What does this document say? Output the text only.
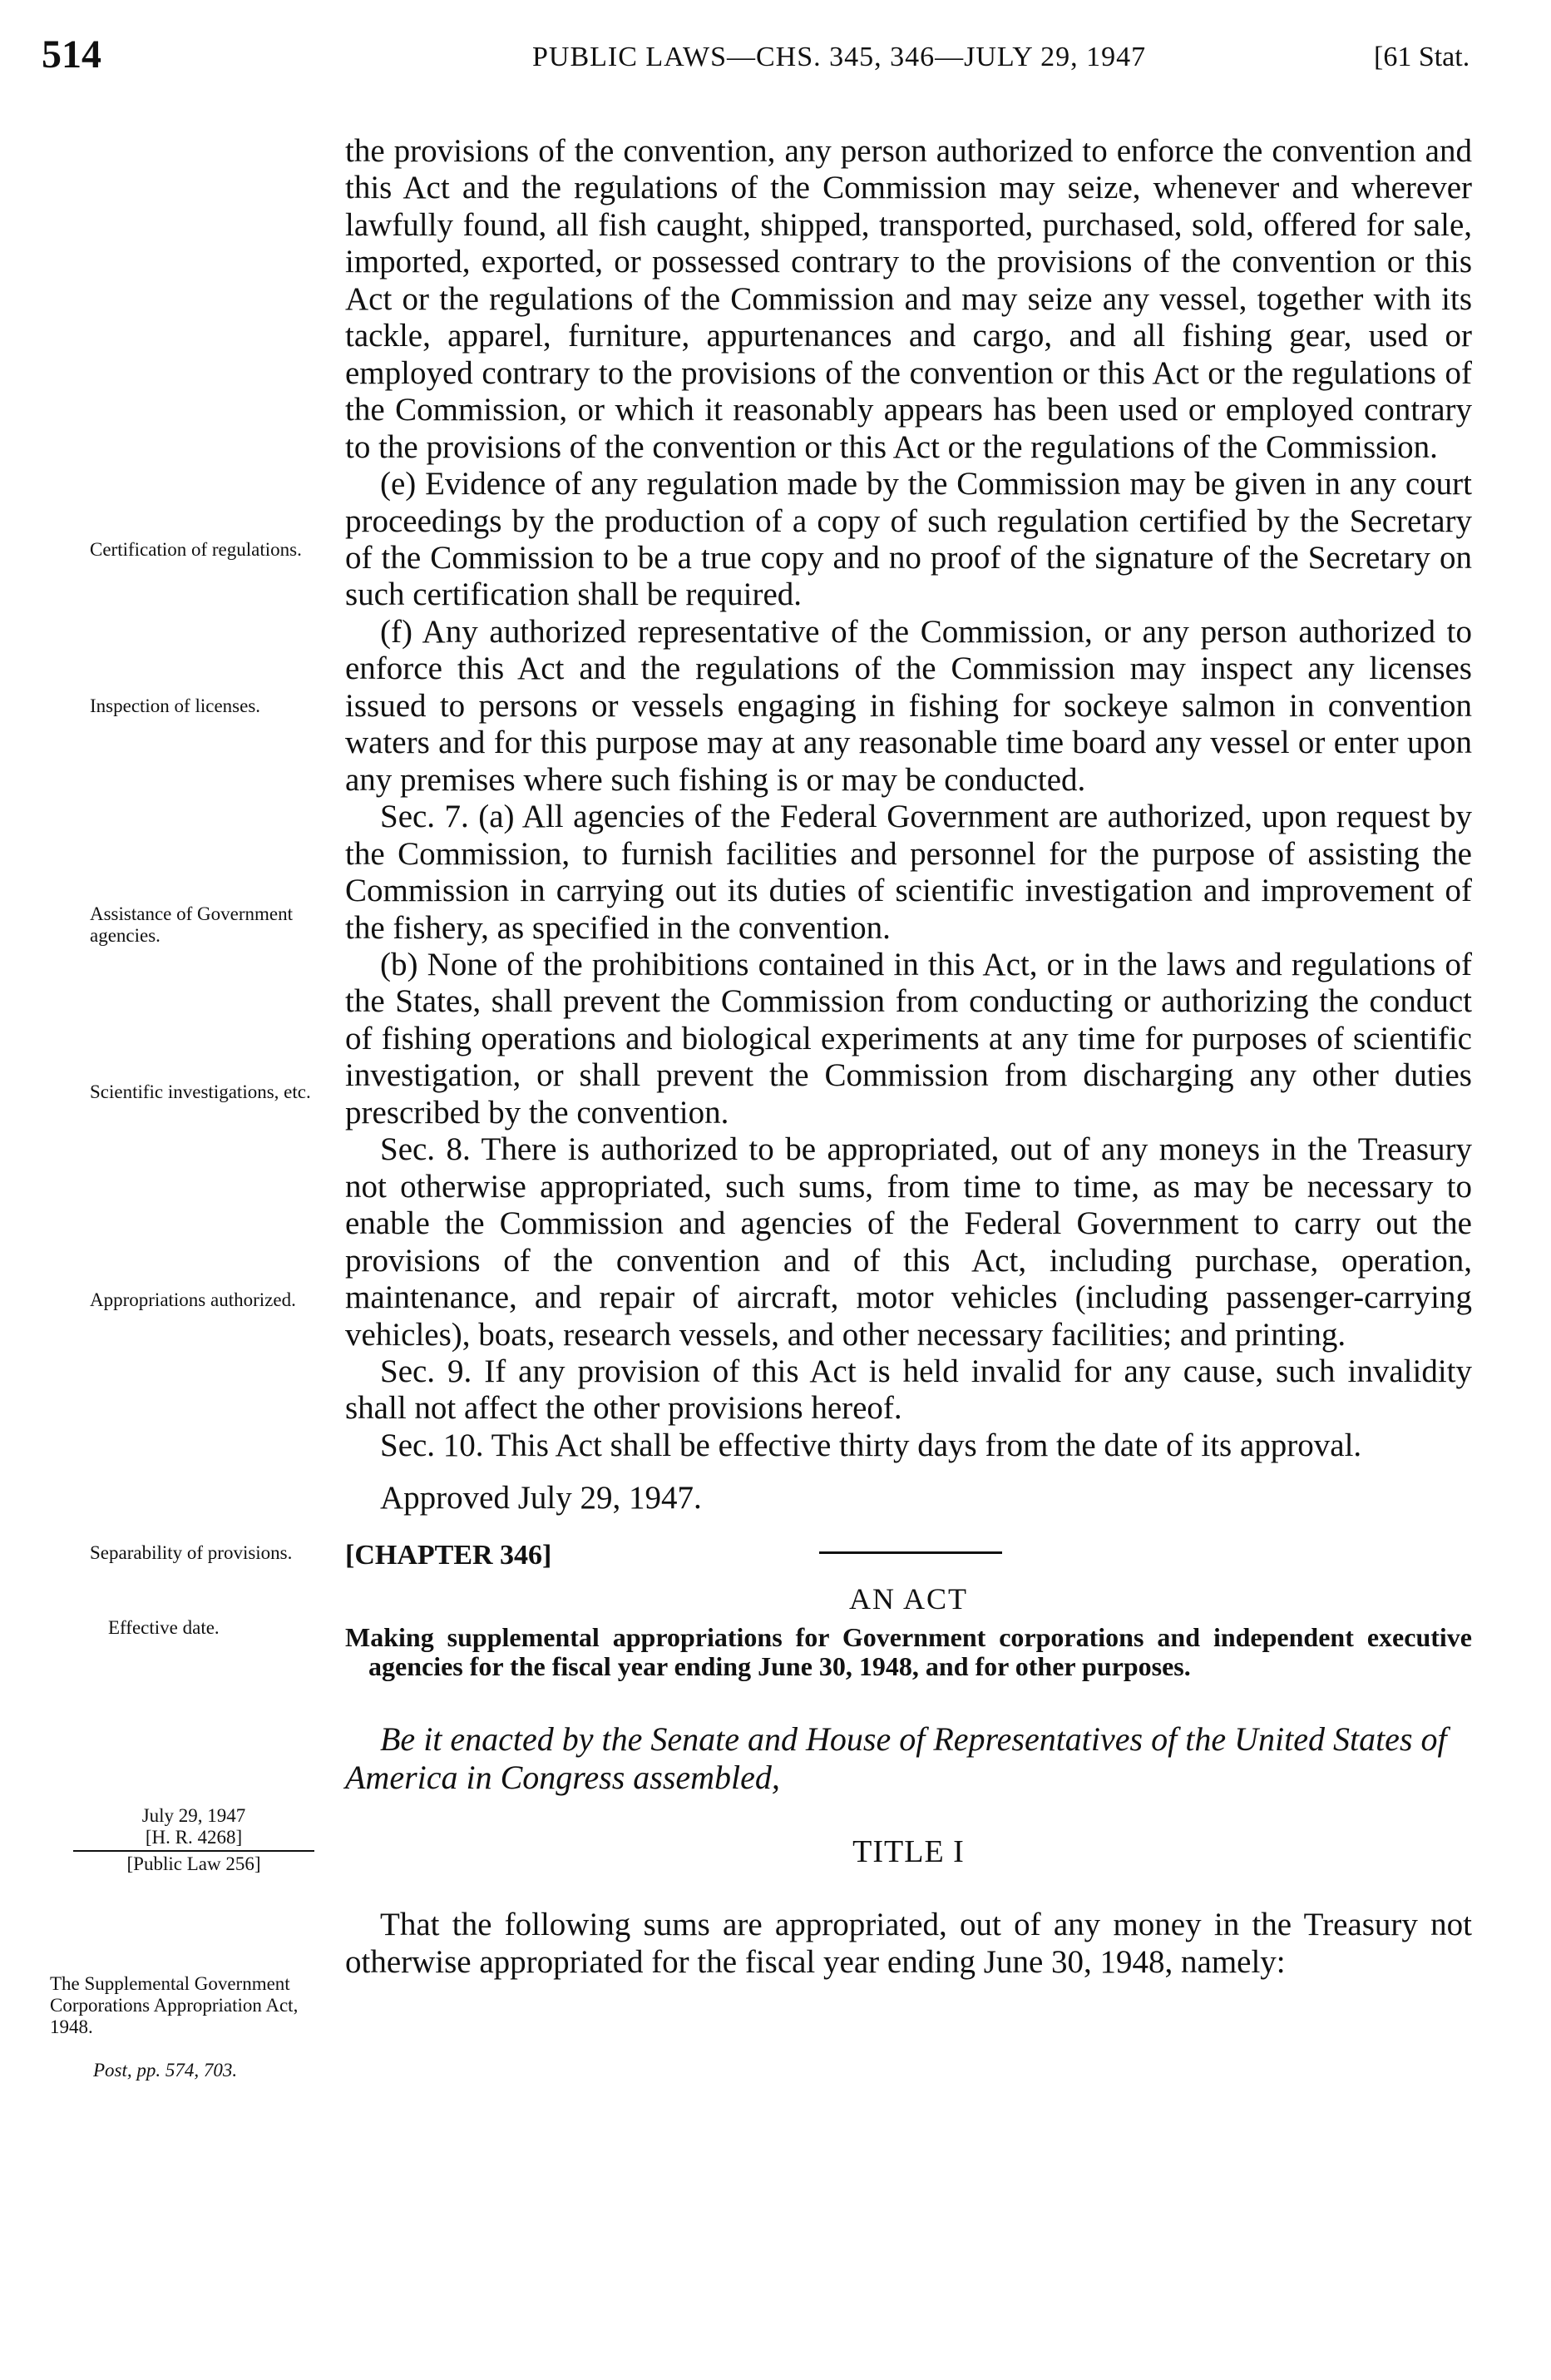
514	PUBLIC LAWS—CHS. 345, 346—JULY 29, 1947	[61 Stat.

Certification of regulations.

Inspection of licenses.

Assistance of Government agencies.

Scientific investigations, etc.

Appropriations authorized.

Separability of provisions.

Effective date.

July 29, 1947
[H. R. 4268]
[Public Law 256]

The Supplemental Government Corporations Appropriation Act, 1948.

Post, pp. 574, 703.

the provisions of the convention, any person authorized to enforce the convention and this Act and the regulations of the Commission may seize, whenever and wherever lawfully found, all fish caught, shipped, transported, purchased, sold, offered for sale, imported, exported, or possessed contrary to the provisions of the convention or this Act or the regulations of the Commission and may seize any vessel, together with its tackle, apparel, furniture, appurtenances and cargo, and all fishing gear, used or employed contrary to the provisions of the convention or this Act or the regulations of the Commission, or which it reasonably appears has been used or employed contrary to the provisions of the convention or this Act or the regulations of the Commission.

(e) Evidence of any regulation made by the Commission may be given in any court proceedings by the production of a copy of such regulation certified by the Secretary of the Commission to be a true copy and no proof of the signature of the Secretary on such certification shall be required.

(f) Any authorized representative of the Commission, or any person authorized to enforce this Act and the regulations of the Commission may inspect any licenses issued to persons or vessels engaging in fishing for sockeye salmon in convention waters and for this purpose may at any reasonable time board any vessel or enter upon any premises where such fishing is or may be conducted.

Sec. 7. (a) All agencies of the Federal Government are authorized, upon request by the Commission, to furnish facilities and personnel for the purpose of assisting the Commission in carrying out its duties of scientific investigation and improvement of the fishery, as specified in the convention.

(b) None of the prohibitions contained in this Act, or in the laws and regulations of the States, shall prevent the Commission from conducting or authorizing the conduct of fishing operations and biological experiments at any time for purposes of scientific investigation, or shall prevent the Commission from discharging any other duties prescribed by the convention.

Sec. 8. There is authorized to be appropriated, out of any moneys in the Treasury not otherwise appropriated, such sums, from time to time, as may be necessary to enable the Commission and agencies of the Federal Government to carry out the provisions of the convention and of this Act, including purchase, operation, maintenance, and repair of aircraft, motor vehicles (including passenger-carrying vehicles), boats, research vessels, and other necessary facilities; and printing.

Sec. 9. If any provision of this Act is held invalid for any cause, such invalidity shall not affect the other provisions hereof.

Sec. 10. This Act shall be effective thirty days from the date of its approval.

Approved July 29, 1947.
[CHAPTER 346]
AN ACT

Making supplemental appropriations for Government corporations and independent executive agencies for the fiscal year ending June 30, 1948, and for other purposes.

Be it enacted by the Senate and House of Representatives of the United States of America in Congress assembled,

TITLE I

That the following sums are appropriated, out of any money in the Treasury not otherwise appropriated for the fiscal year ending June 30, 1948, namely:
